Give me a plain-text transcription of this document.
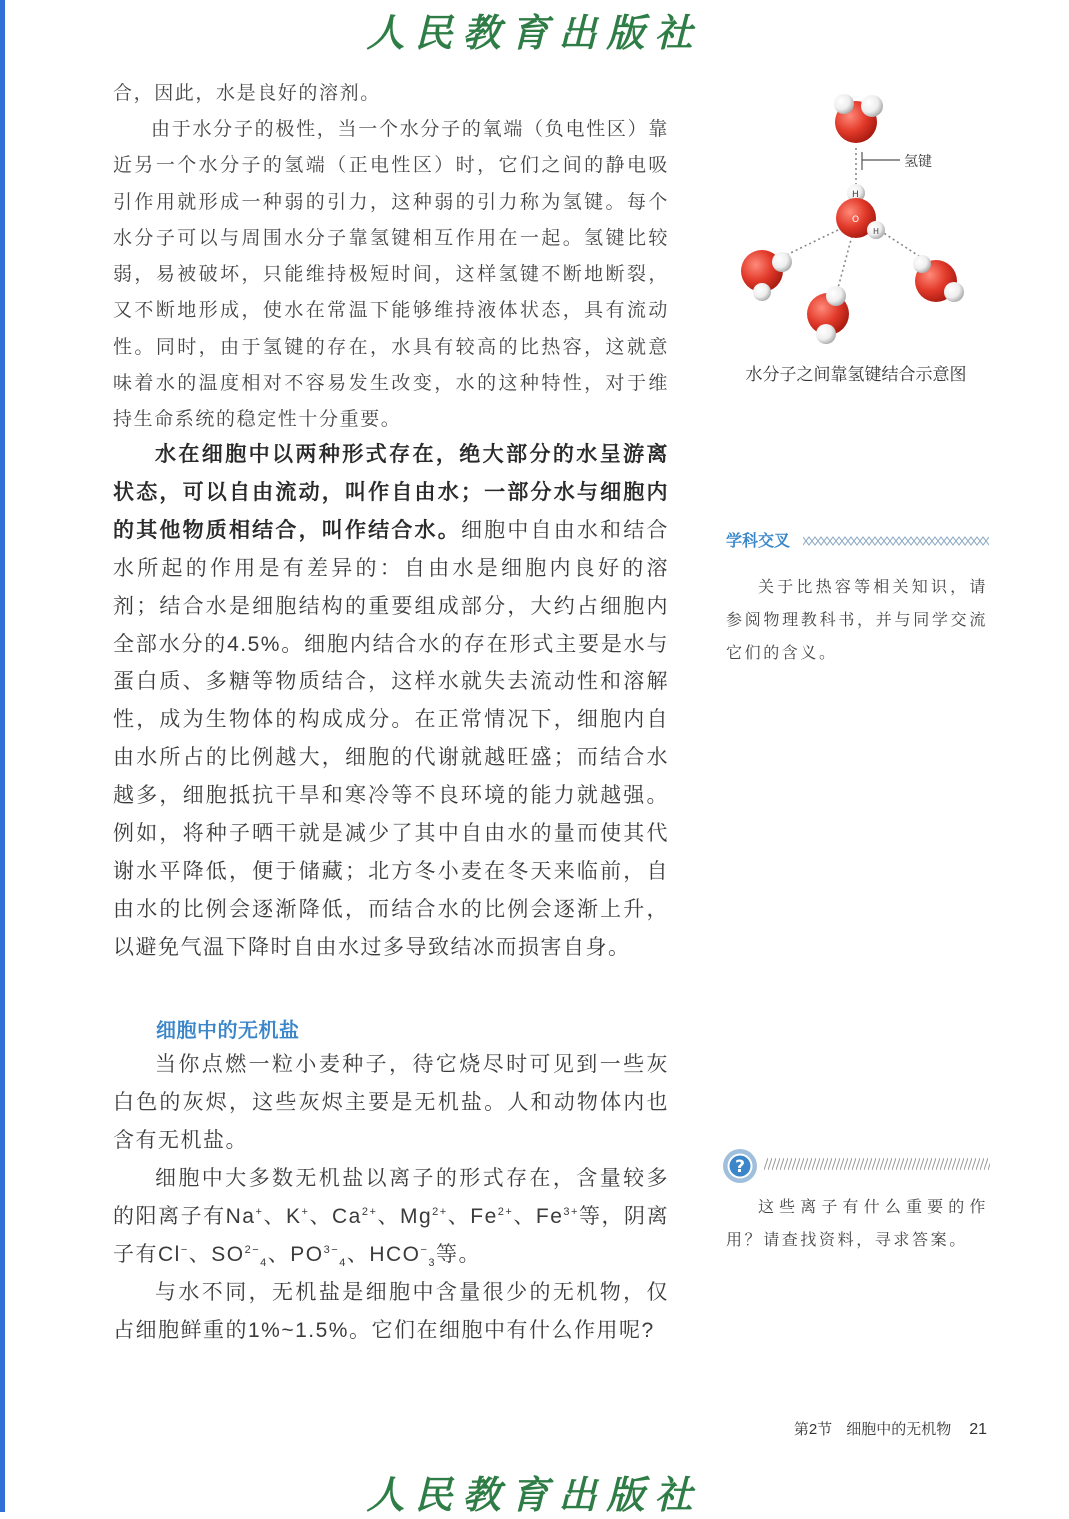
人民教育出版社

合，因此，水是良好的溶剂。

由于水分子的极性，当一个水分子的氧端（负电性区）靠近另一个水分子的氢端（正电性区）时，它们之间的静电吸引作用就形成一种弱的引力，这种弱的引力称为氢键。每个水分子可以与周围水分子靠氢键相互作用在一起。氢键比较弱，易被破坏，只能维持极短时间，这样氢键不断地断裂，又不断地形成，使水在常温下能够维持液体状态，具有流动性。同时，由于氢键的存在，水具有较高的比热容，这就意味着水的温度相对不容易发生改变，水的这种特性，对于维持生命系统的稳定性十分重要。

水在细胞中以两种形式存在，绝大部分的水呈游离状态，可以自由流动，叫作自由水；一部分水与细胞内的其他物质相结合，叫作结合水。细胞中自由水和结合水所起的作用是有差异的：自由水是细胞内良好的溶剂；结合水是细胞结构的重要组成部分，大约占细胞内全部水分的4.5%。细胞内结合水的存在形式主要是水与蛋白质、多糖等物质结合，这样水就失去流动性和溶解性，成为生物体的构成成分。在正常情况下，细胞内自由水所占的比例越大，细胞的代谢就越旺盛；而结合水越多，细胞抵抗干旱和寒冷等不良环境的能力就越强。例如，将种子晒干就是减少了其中自由水的量而使其代谢水平降低，便于储藏；北方冬小麦在冬天来临前，自由水的比例会逐渐降低，而结合水的比例会逐渐上升，以避免气温下降时自由水过多导致结冰而损害自身。

细胞中的无机盐

当你点燃一粒小麦种子，待它烧尽时可见到一些灰白色的灰烬，这些灰烬主要是无机盐。人和动物体内也含有无机盐。

细胞中大多数无机盐以离子的形式存在，含量较多的阳离子有Na+、K+、$Ca^{2+}$、$Mg^{2+}$、$Fe^{2+}$、$Fe^{3+}$等，阴离子有Cl−、$SO^{2-}_4$、$PO^{3-}_4$、$HCO^-_3$等。

与水不同，无机盐是细胞中含量很少的无机物，仅占细胞鲜重的1%~1.5%。它们在细胞中有什么作用呢?

氢键
H
O
H
水分子之间靠氢键结合示意图
学科交叉

关于比热容等相关知识，请参阅物理教科书，并与同学交流它们的含义。

?

这些离子有什么重要的作用？请查找资料，寻求答案。

第2节 细胞中的无机物 21
人民教育出版社
